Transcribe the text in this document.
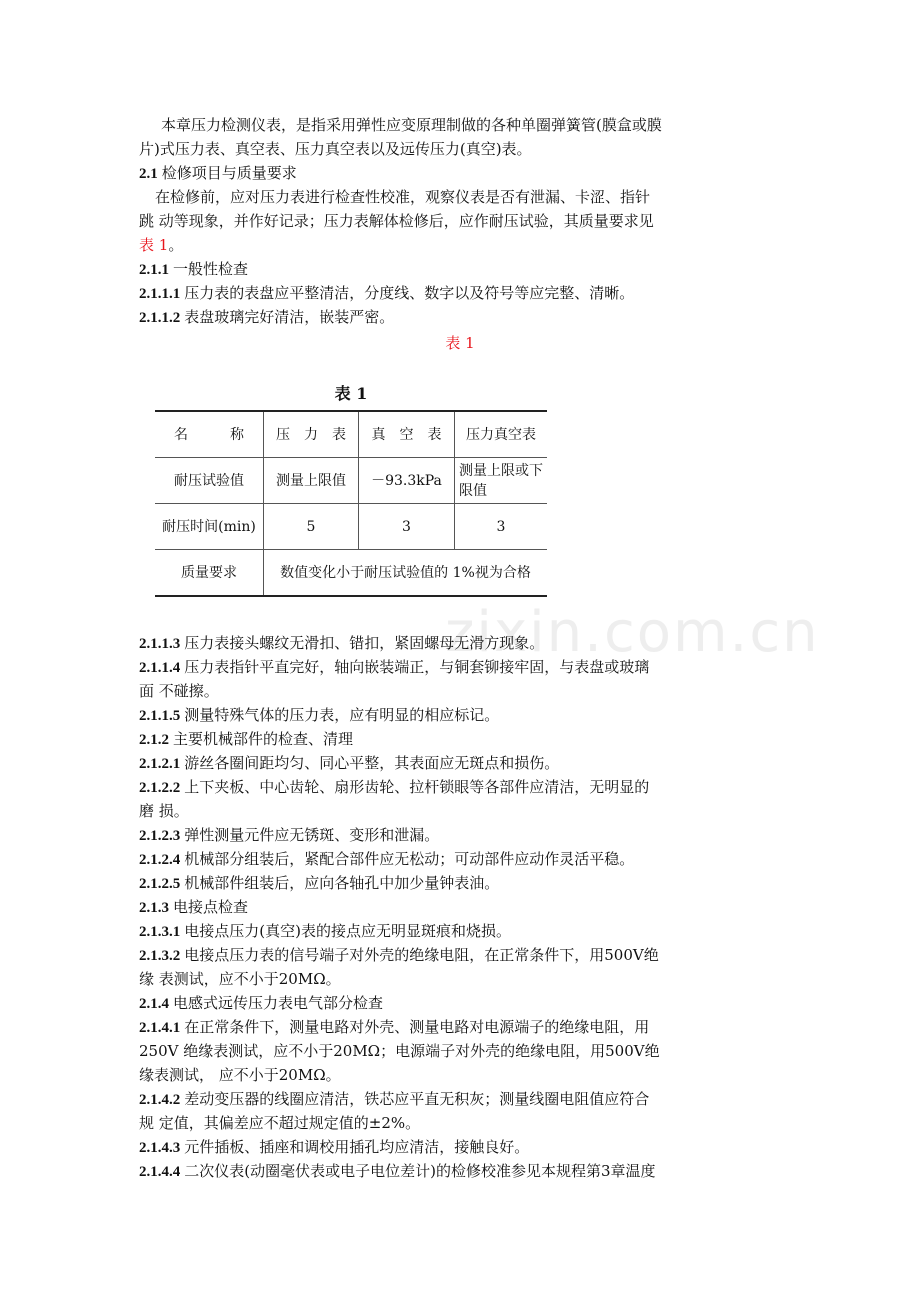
zixin.com.cn
本章压力检测仪表，是指采用弹性应变原理制做的各种单圈弹簧管(膜盒或膜
片)式压力表、真空表、压力真空表以及远传压力(真空)表。
2.1 检修项目与质量要求
在检修前，应对压力表进行检查性校准，观察仪表是否有泄漏、卡涩、指针
跳 动等现象，并作好记录；压力表解体检修后，应作耐压试验，其质量要求见
表 1。
2.1.1 一般性检查
2.1.1.1 压力表的表盘应平整清洁，分度线、数字以及符号等应完整、清晰。
2.1.1.2 表盘玻璃完好清洁，嵌装严密。
表 1
表 1
名　　　称	压　力　表	真　空　表	压力真空表
耐压试验值	测量上限值	－93.3kPa	测量上限或下限值
耐压时间(min)	5	3	3
质量要求	数值变化小于耐压试验值的 1%视为合格		
2.1.1.3 压力表接头螺纹无滑扣、错扣，紧固螺母无滑方现象。
2.1.1.4 压力表指针平直完好，轴向嵌装端正，与铜套铆接牢固，与表盘或玻璃
面 不碰擦。
2.1.1.5 测量特殊气体的压力表，应有明显的相应标记。
2.1.2 主要机械部件的检查、清理
2.1.2.1 游丝各圈间距均匀、同心平整，其表面应无斑点和损伤。
2.1.2.2 上下夹板、中心齿轮、扇形齿轮、拉杆锁眼等各部件应清洁，无明显的
磨 损。
2.1.2.3 弹性测量元件应无锈斑、变形和泄漏。
2.1.2.4 机械部分组装后，紧配合部件应无松动；可动部件应动作灵活平稳。
2.1.2.5 机械部件组装后，应向各轴孔中加少量钟表油。
2.1.3 电接点检查
2.1.3.1 电接点压力(真空)表的接点应无明显斑痕和烧损。
2.1.3.2 电接点压力表的信号端子对外壳的绝缘电阻，在正常条件下，用500V绝
缘 表测试，应不小于20MΩ。
2.1.4 电感式远传压力表电气部分检查
2.1.4.1 在正常条件下，测量电路对外壳、测量电路对电源端子的绝缘电阻，用
250V 绝缘表测试，应不小于20MΩ；电源端子对外壳的绝缘电阻，用500V绝
缘表测试， 应不小于20MΩ。
2.1.4.2 差动变压器的线圈应清洁，铁芯应平直无积灰；测量线圈电阻值应符合
规 定值，其偏差应不超过规定值的±2%。
2.1.4.3 元件插板、插座和调校用插孔均应清洁，接触良好。
2.1.4.4 二次仪表(动圈毫伏表或电子电位差计)的检修校准参见本规程第3章温度
